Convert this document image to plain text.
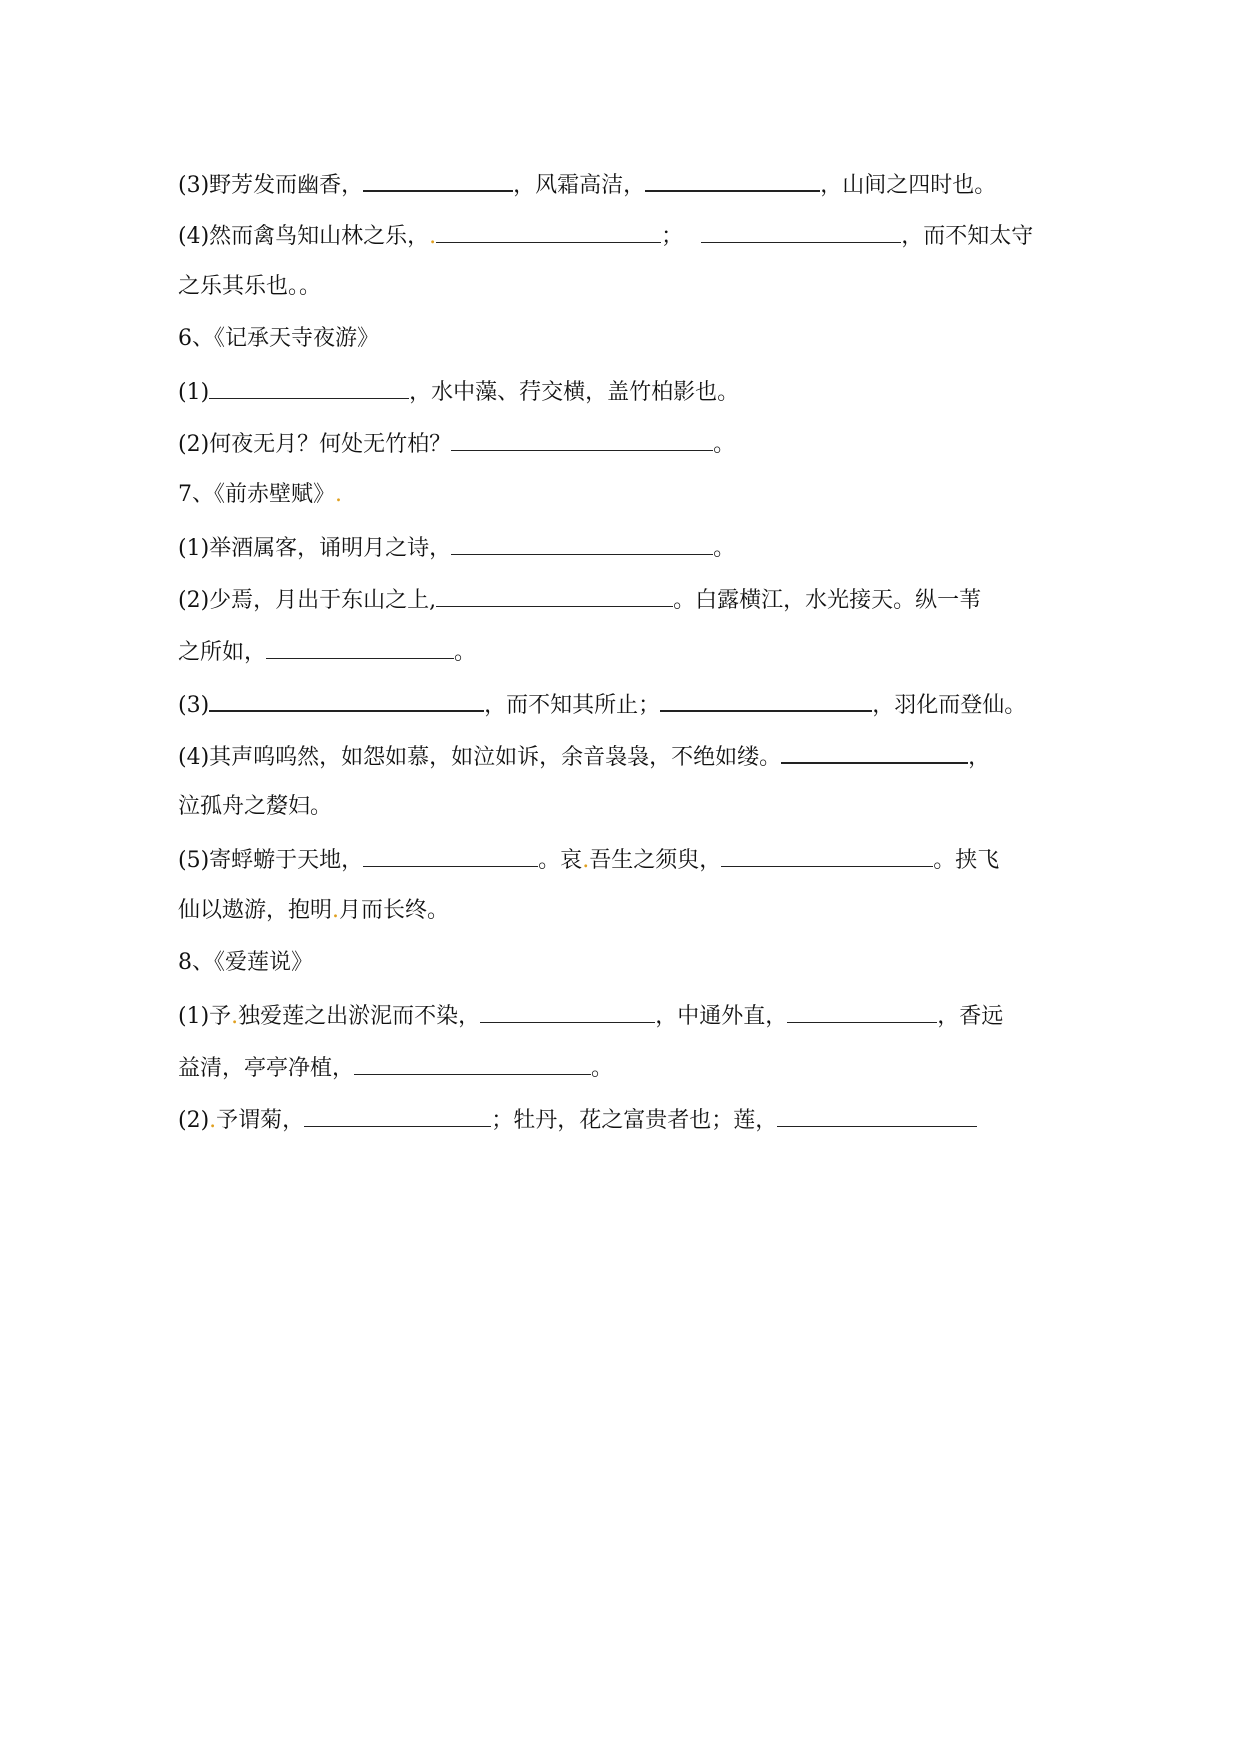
(3)野芳发而幽香，	，风霜高洁，	，山间之四时也。
(4)然而禽鸟知山林之乐，.	；	，而不知太守
之乐其乐也。。
6、《记承天寺夜游》
(1)	，水中藻、荇交横，盖竹柏影也。
(2)何夜无月？何处无竹柏？	。
7、《前赤壁赋》.
(1)举酒属客，诵明月之诗，	。
(2)少焉，月出于东山之上,	。白露横江，水光接天。纵一苇
之所如，	。
(3)	，而不知其所止；	，羽化而登仙。
(4)其声呜呜然，如怨如慕，如泣如诉，余音袅袅，不绝如缕。	，
泣孤舟之嫠妇。
(5)寄蜉蝣于天地，	。哀.吾生之须臾，	。挟飞
仙以遨游，抱明.月而长终。
8、《爱莲说》
(1)予.独爱莲之出淤泥而不染，	，中通外直，	，香远
益清，亭亭净植，	。
(2).予谓菊，	；牡丹，花之富贵者也；莲，
